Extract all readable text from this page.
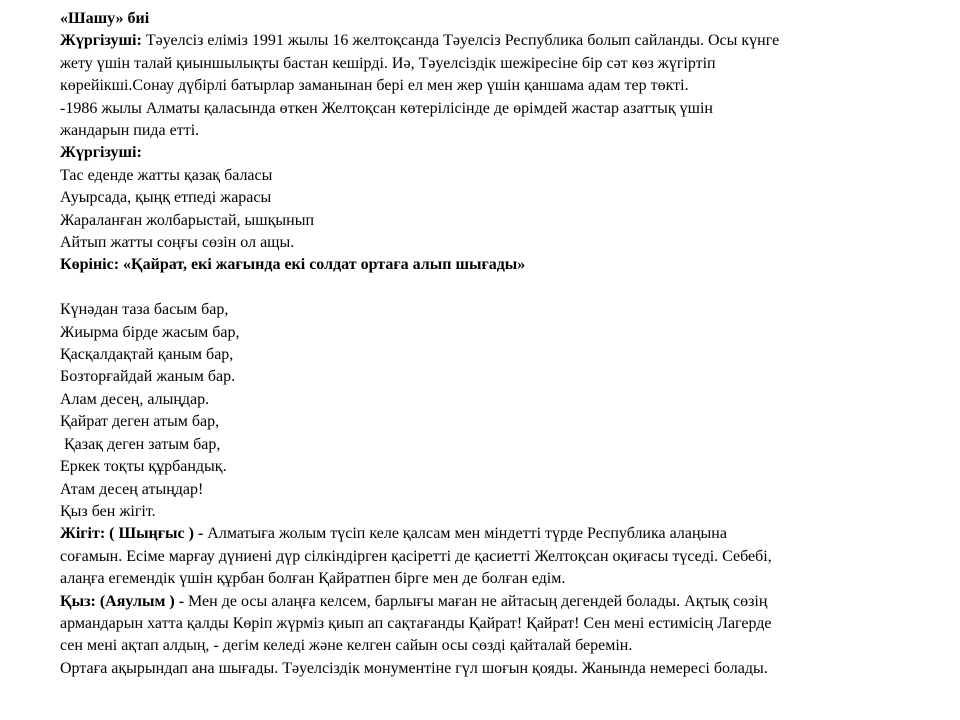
«Шашу» биі
Жүргізуші: Тәуелсіз еліміз 1991 жылы 16 желтоқсанда Тәуелсіз Республика болып сайланды. Осы күнге
жету үшін талай қиыншылықты бастан кешірді. Иә, Тәуелсіздік шежіресіне бір сәт көз жүгіртіп
көрейікші.Сонау дүбірлі батырлар заманынан бері ел мен жер үшін қаншама адам тер төкті.
-1986 жылы Алматы қаласында өткен Желтоқсан көтерілісінде де өрімдей жастар азаттық үшін
жандарын пида етті.
Жүргізуші:
Тас еденде жатты қазақ баласы
Ауырсада, қыңқ етпеді жарасы
Жараланған жолбарыстай, ышқынып
Айтып жатты соңғы сөзін ол ащы.
Көрініс: «Қайрат, екі жағында екі солдат ортаға алып шығады»
Күнәдан таза басым бар,
Жиырма бірде жасым бар,
Қасқалдақтай қаным бар,
Бозторғайдай жаным бар.
Алам десең, алыңдар.
Қайрат деген атым бар,
Қазақ деген затым бар,
Еркек тоқты құрбандық.
Атам десең атыңдар!
Қыз бен жігіт.
Жігіт: ( Шыңғыс ) - Алматыға жолым түсіп келе қалсам мен міндетті түрде Республика алаңына
соғамын. Есіме марғау дүниені дүр сілкіндірген қасіретті де қасиетті Желтоқсан оқиғасы түседі. Себебі,
алаңға егемендік үшін құрбан болған Қайратпен бірге мен де болған едім.
Қыз: (Аяулым ) - Мен де осы алаңға келсем, барлығы маған не айтасың дегендей болады. Ақтық сөзің
армандарын хатта қалды Көріп жүрміз қиып ап сақтағанды Қайрат! Қайрат! Сен мені естимісің Лагерде
сен мені ақтап алдың, - дегім келеді және келген сайын осы сөзді қайталай беремін.
Ортаға ақырындап ана шығады. Тәуелсіздік монументіне гүл шоғын қояды. Жанында немересі болады.
